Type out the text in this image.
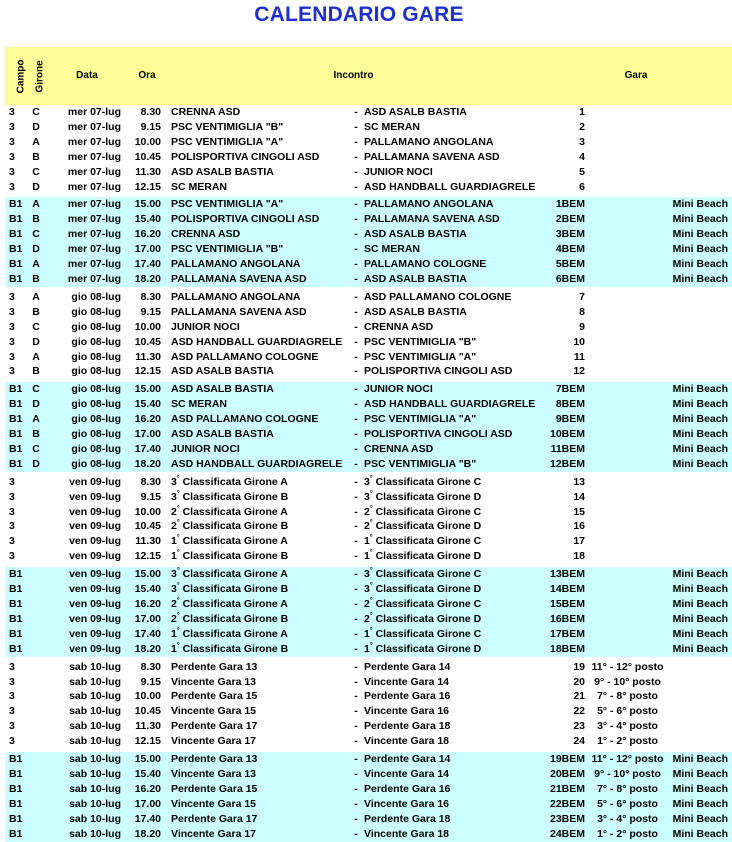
CALENDARIO GARE
Campo	Girone	Data	Ora	Incontro			Gara		
3	C	mer 07-lug	8.30	CRENNA ASD	-	ASD ASALB BASTIA	1		
3	D	mer 07-lug	9.15	PSC VENTIMIGLIA "B"	-	SC MERAN	2		
3	A	mer 07-lug	10.00	PSC VENTIMIGLIA "A"	-	PALLAMANO ANGOLANA	3		
3	B	mer 07-lug	10.45	POLISPORTIVA CINGOLI ASD	-	PALLAMANA SAVENA ASD	4		
3	C	mer 07-lug	11.30	ASD ASALB BASTIA	-	JUNIOR NOCI	5		
3	D	mer 07-lug	12.15	SC MERAN	-	ASD HANDBALL GUARDIAGRELE	6		

B1	A	mer 07-lug	15.00	PSC VENTIMIGLIA "A"	-	PALLAMANO ANGOLANA	1BEM		Mini Beach
B1	B	mer 07-lug	15.40	POLISPORTIVA CINGOLI ASD	-	PALLAMANA SAVENA ASD	2BEM		Mini Beach
B1	C	mer 07-lug	16.20	CRENNA ASD	-	ASD ASALB BASTIA	3BEM		Mini Beach
B1	D	mer 07-lug	17.00	PSC VENTIMIGLIA "B"	-	SC MERAN	4BEM		Mini Beach
B1	A	mer 07-lug	17.40	PALLAMANO ANGOLANA	-	PALLAMANO COLOGNE	5BEM		Mini Beach
B1	B	mer 07-lug	18.20	PALLAMANA SAVENA ASD	-	ASD ASALB BASTIA	6BEM		Mini Beach

3	A	gio 08-lug	8.30	PALLAMANO ANGOLANA	-	ASD PALLAMANO COLOGNE	7		
3	B	gio 08-lug	9.15	PALLAMANA SAVENA ASD	-	ASD ASALB BASTIA	8		
3	C	gio 08-lug	10.00	JUNIOR NOCI	-	CRENNA ASD	9		
3	D	gio 08-lug	10.45	ASD HANDBALL GUARDIAGRELE	-	PSC VENTIMIGLIA "B"	10		
3	A	gio 08-lug	11.30	ASD PALLAMANO COLOGNE	-	PSC VENTIMIGLIA "A"	11		
3	B	gio 08-lug	12.15	ASD ASALB BASTIA	-	POLISPORTIVA CINGOLI ASD	12		

B1	C	gio 08-lug	15.00	ASD ASALB BASTIA	-	JUNIOR NOCI	7BEM		Mini Beach
B1	D	gio 08-lug	15.40	SC MERAN	-	ASD HANDBALL GUARDIAGRELE	8BEM		Mini Beach
B1	A	gio 08-lug	16.20	ASD PALLAMANO COLOGNE	-	PSC VENTIMIGLIA "A"	9BEM		Mini Beach
B1	B	gio 08-lug	17.00	ASD ASALB BASTIA	-	POLISPORTIVA CINGOLI ASD	10BEM		Mini Beach
B1	C	gio 08-lug	17.40	JUNIOR NOCI	-	CRENNA ASD	11BEM		Mini Beach
B1	D	gio 08-lug	18.20	ASD HANDBALL GUARDIAGRELE	-	PSC VENTIMIGLIA "B"	12BEM		Mini Beach

3		ven 09-lug	8.30	3° Classificata Girone A	-	3° Classificata Girone C	13		
3		ven 09-lug	9.15	3° Classificata Girone B	-	3° Classificata Girone D	14		
3		ven 09-lug	10.00	2° Classificata Girone A	-	2° Classificata Girone C	15		
3		ven 09-lug	10.45	2° Classificata Girone B	-	2° Classificata Girone D	16		
3		ven 09-lug	11.30	1° Classificata Girone A	-	1° Classificata Girone C	17		
3		ven 09-lug	12.15	1° Classificata Girone B	-	1° Classificata Girone D	18		

B1		ven 09-lug	15.00	3° Classificata Girone A	-	3° Classificata Girone C	13BEM		Mini Beach
B1		ven 09-lug	15.40	3° Classificata Girone B	-	3° Classificata Girone D	14BEM		Mini Beach
B1		ven 09-lug	16.20	2° Classificata Girone A	-	2° Classificata Girone C	15BEM		Mini Beach
B1		ven 09-lug	17.00	2° Classificata Girone B	-	2° Classificata Girone D	16BEM		Mini Beach
B1		ven 09-lug	17.40	1° Classificata Girone A	-	1° Classificata Girone C	17BEM		Mini Beach
B1		ven 09-lug	18.20	1° Classificata Girone B	-	1° Classificata Girone D	18BEM		Mini Beach

3		sab 10-lug	8.30	Perdente Gara 13	-	Perdente Gara 14	19	11° - 12° posto	
3		sab 10-lug	9.15	Vincente Gara 13	-	Vincente Gara 14	20	9° - 10° posto	
3		sab 10-lug	10.00	Perdente Gara 15	-	Perdente Gara 16	21	7° - 8° posto	
3		sab 10-lug	10.45	Vincente Gara 15	-	Vincente Gara 16	22	5° - 6° posto	
3		sab 10-lug	11.30	Perdente Gara 17	-	Perdente Gara 18	23	3° - 4° posto	
3		sab 10-lug	12.15	Vincente Gara 17	-	Vincente Gara 18	24	1° - 2° posto	

B1		sab 10-lug	15.00	Perdente Gara 13	-	Perdente Gara 14	19BEM	11° - 12° posto	Mini Beach
B1		sab 10-lug	15.40	Vincente Gara 13	-	Vincente Gara 14	20BEM	9° - 10° posto	Mini Beach
B1		sab 10-lug	16.20	Perdente Gara 15	-	Perdente Gara 16	21BEM	7° - 8° posto	Mini Beach
B1		sab 10-lug	17.00	Vincente Gara 15	-	Vincente Gara 16	22BEM	5° - 6° posto	Mini Beach
B1		sab 10-lug	17.40	Perdente Gara 17	-	Perdente Gara 18	23BEM	3° - 4° posto	Mini Beach
B1		sab 10-lug	18.20	Vincente Gara 17	-	Vincente Gara 18	24BEM	1° - 2° posto	Mini Beach
